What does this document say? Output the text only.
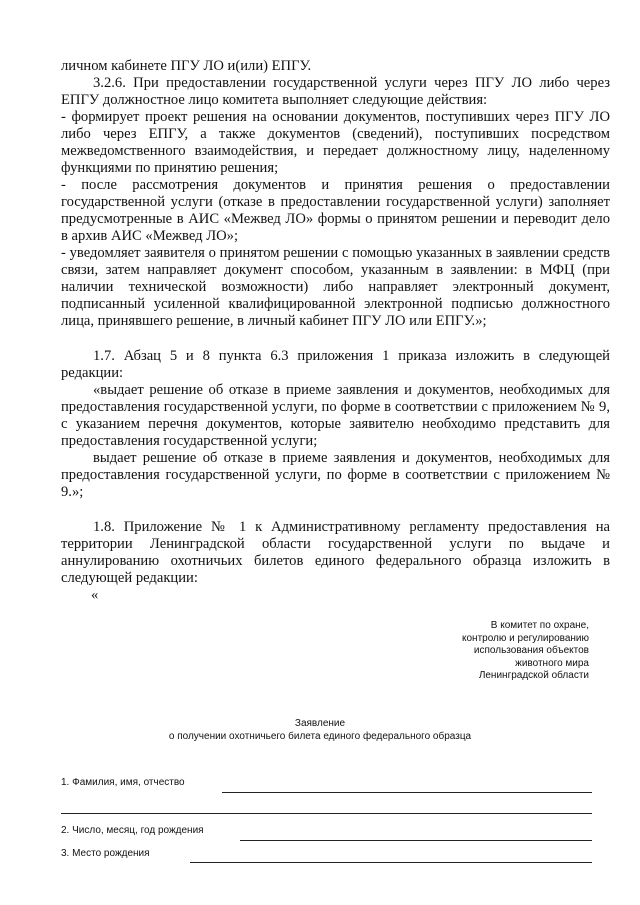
личном кабинете ПГУ ЛО и(или) ЕПГУ.

3.2.6. При предоставлении государственной услуги через ПГУ ЛО либо через ЕПГУ должностное лицо комитета выполняет следующие действия:

- формирует проект решения на основании документов, поступивших через ПГУ ЛО либо через ЕПГУ, а также документов (сведений), поступивших посредством межведомственного взаимодействия, и передает должностному лицу, наделенному функциями по принятию решения;

- после рассмотрения документов и принятия решения о предоставлении государственной услуги (отказе в предоставлении государственной услуги) заполняет предусмотренные в АИС «Межвед ЛО» формы о принятом решении и переводит дело в архив АИС «Межвед ЛО»;

- уведомляет заявителя о принятом решении с помощью указанных в заявлении средств связи, затем направляет документ способом, указанным в заявлении: в МФЦ (при наличии технической возможности) либо направляет электронный документ, подписанный усиленной квалифицированной электронной подписью должностного лица, принявшего решение, в личный кабинет ПГУ ЛО или ЕПГУ.»;

1.7. Абзац 5 и 8 пункта 6.3 приложения 1 приказа изложить в следующей редакции:

«выдает решение об отказе в приеме заявления и документов, необходимых для предоставления государственной услуги, по форме в соответствии с приложением № 9, с указанием перечня документов, которые заявителю необходимо представить для предоставления государственной услуги;

выдает решение об отказе в приеме заявления и документов, необходимых для предоставления государственной услуги, по форме в соответствии с приложением № 9.»;

1.8. Приложение № 1 к Административному регламенту предоставления на территории Ленинградской области государственной услуги по выдаче и аннулированию охотничьих билетов единого федерального образца изложить в следующей редакции:

«

В комитет по охране,
контролю и регулированию
использования объектов
животного мира
Ленинградской области
Заявление
о получении охотничьего билета единого федерального образца
1. Фамилия, имя, отчество
2. Число, месяц, год рождения
3. Место рождения
